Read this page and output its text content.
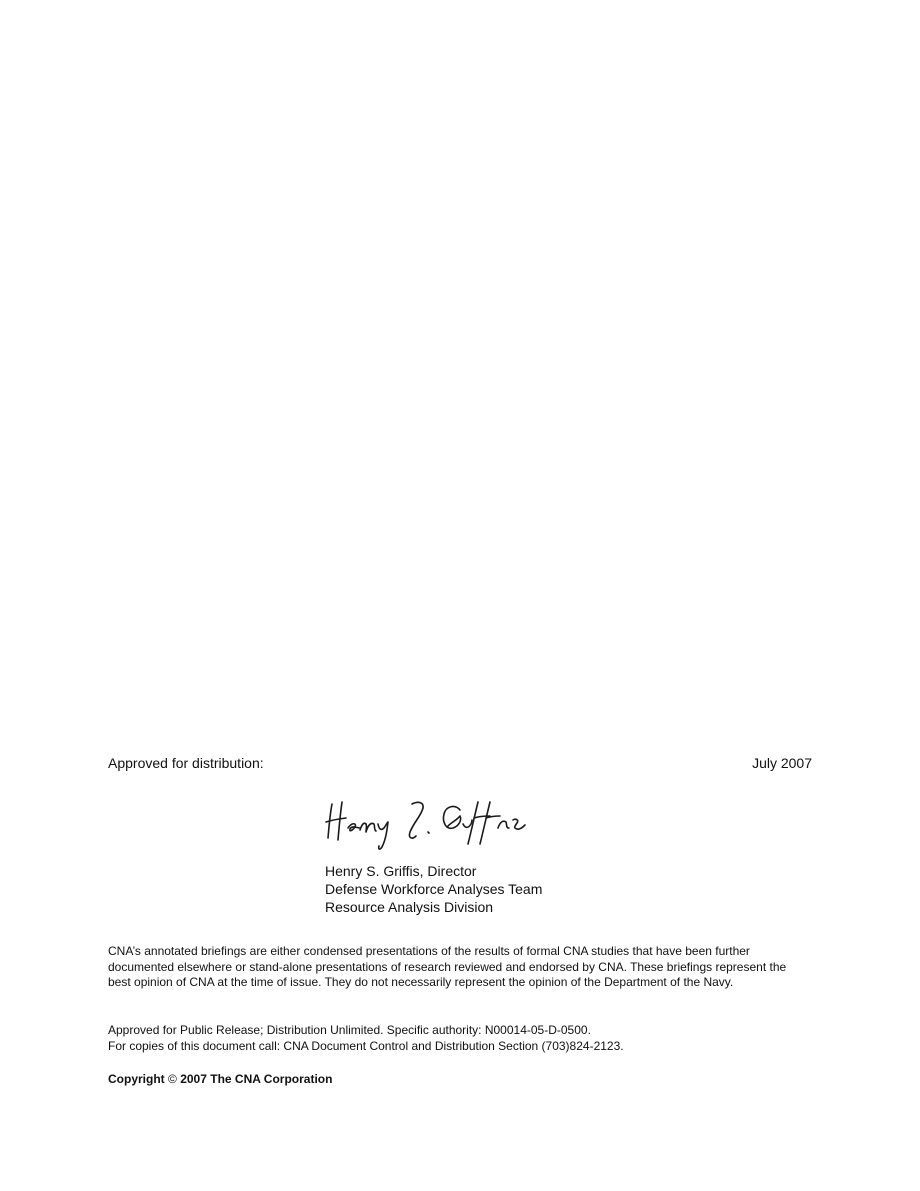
Approved for distribution:	July 2007

Henry S. Griffis, Director

Defense Workforce Analyses Team

Resource Analysis Division

CNA’s annotated briefings are either condensed presentations of the results of formal CNA studies that have been further documented elsewhere or stand-alone presentations of research reviewed and endorsed by CNA. These briefings represent the best opinion of CNA at the time of issue. They do not necessarily represent the opinion of the Department of the Navy.

Approved for Public Release; Distribution Unlimited. Specific authority: N00014-05-D-0500.

For copies of this document call: CNA Document Control and Distribution Section (703)824-2123.

Copyright © 2007 The CNA Corporation
